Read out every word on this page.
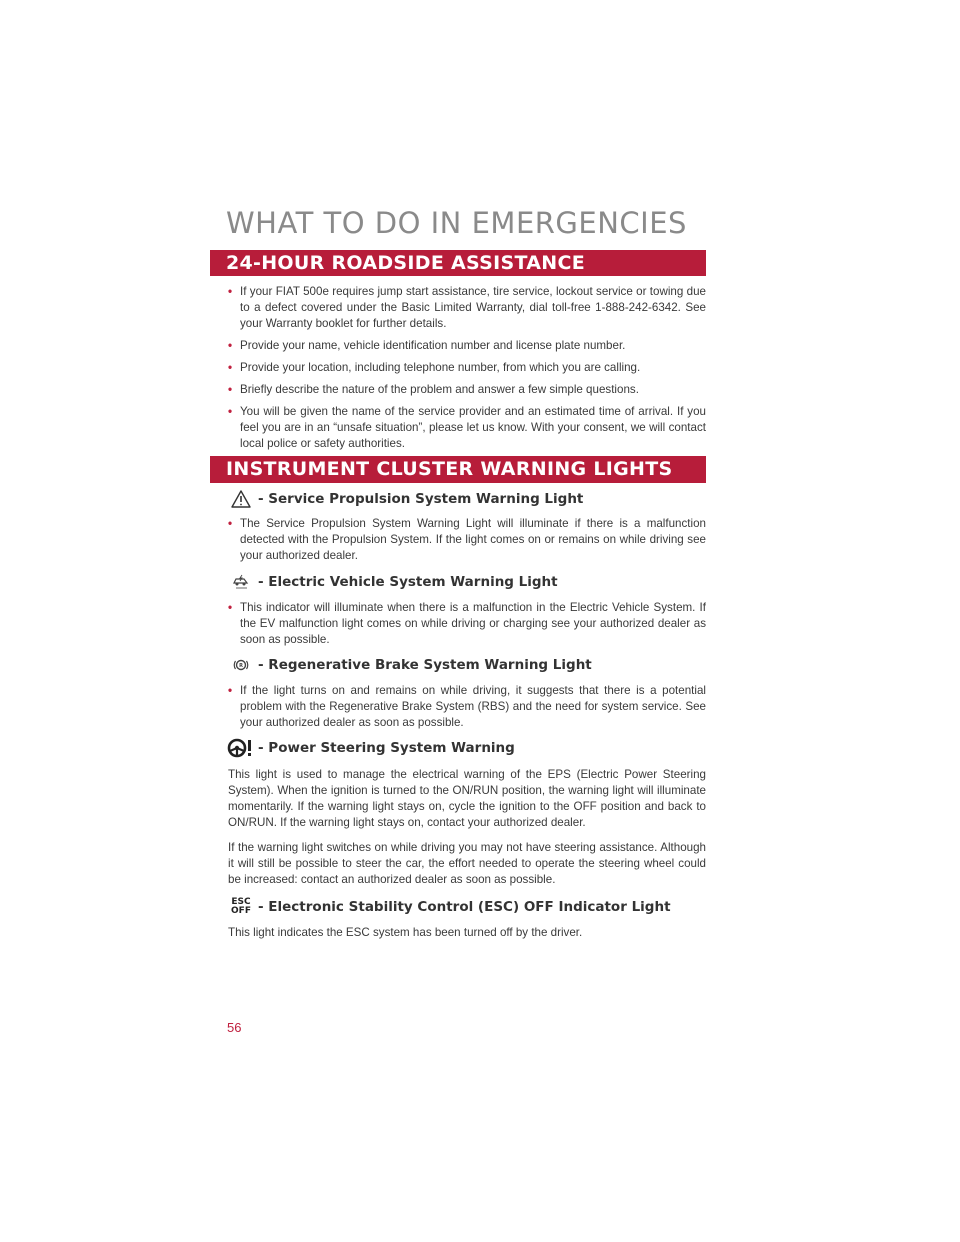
WHAT TO DO IN EMERGENCIES
24-HOUR ROADSIDE ASSISTANCE
• If your FIAT 500e requires jump start assistance, tire service, lockout service or towing due to a defect covered under the Basic Limited Warranty, dial toll-free 1-888-242-6342. See your Warranty booklet for further details.
• Provide your name, vehicle identification number and license plate number.
• Provide your location, including telephone number, from which you are calling.
• Briefly describe the nature of the problem and answer a few simple questions.
• You will be given the name of the service provider and an estimated time of arrival. If you feel you are in an “unsafe situation”, please let us know. With your consent, we will contact local police or safety authorities.
INSTRUMENT CLUSTER WARNING LIGHTS
- Service Propulsion System Warning Light
• The Service Propulsion System Warning Light will illuminate if there is a malfunction detected with the Propulsion System. If the light comes on or remains on while driving see your authorized dealer.
- Electric Vehicle System Warning Light
• This indicator will illuminate when there is a malfunction in the Electric Vehicle System. If the EV malfunction light comes on while driving or charging see your authorized dealer as soon as possible.
R - Regenerative Brake System Warning Light
• If the light turns on and remains on while driving, it suggests that there is a potential problem with the Regenerative Brake System (RBS) and the need for system service. See your authorized dealer as soon as possible.
- Power Steering System Warning

This light is used to manage the electrical warning of the EPS (Electric Power Steering System). When the ignition is turned to the ON/RUN position, the warning light will illuminate momentarily. If the warning light stays on, cycle the ignition to the OFF position and back to ON/RUN. If the warning light stays on, contact your authorized dealer.

If the warning light switches on while driving you may not have steering assistance. Although it will still be possible to steer the car, the effort needed to operate the steering wheel could be increased: contact an authorized dealer as soon as possible.

ESC
OFF - Electronic Stability Control (ESC) OFF Indicator Light

This light indicates the ESC system has been turned off by the driver.

56
